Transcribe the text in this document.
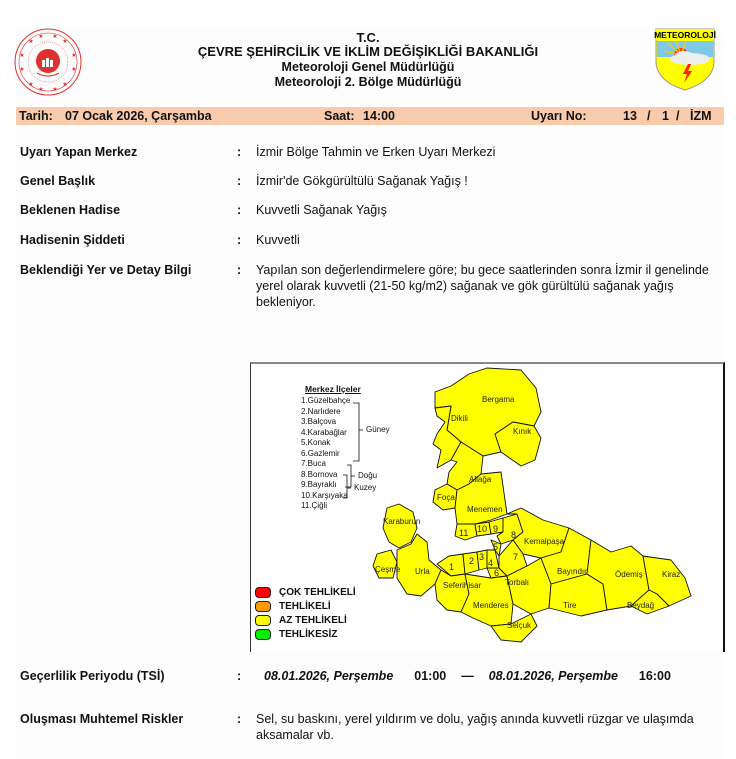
★
★ ★
★
★	★
★	★
★
★ ★
★
METEOROLOJİ
T.C.
ÇEVRE ŞEHİRCİLİK VE İKLİM DEĞİŞİKLİĞİ BAKANLIĞI
Meteoroloji Genel Müdürlüğü
Meteoroloji 2. Bölge Müdürlüğü
Tarih: 07 Ocak 2026, Çarşamba	Saat: 14:00	Uyarı No:	13 / 1 / İZM
Uyarı Yapan Merkez	: İzmir Bölge Tahmin ve Erken Uyarı Merkezi
Genel Başlık	: İzmir'de Gökgürültülü Sağanak Yağış !
Beklenen Hadise	: Kuvvetli Sağanak Yağış
Hadisenin Şiddeti	: Kuvvetli
Beklendiği Yer ve Detay Bilgi	: Yapılan son değerlendirmelere göre; bu gece saatlerinden sonra İzmir il genelinde yerel olarak kuvvetli (21-50 kg/m2) sağanak ve gök gürültülü sağanak yağış bekleniyor.
Bergama
Dikili
Kınık
Aliağa
Foça
Menemen
Karaburun
Çeşme Urla
Seferihisar
Menderes
Torbalı
Selçuk
Kemalpaşa
Bayındır
Tire
Ödemiş Kiraz
Beydağ
1
2 3
4
5
6
7
8
9
10
11
Merkez İlçeler
1.Güzelbahçe
2.Narlıdere
3.Balçova
4.Karabağlar
5.Konak
6.Gazlemir
7.Buca
8.Bornova
9.Bayraklı
10.Karşıyaka
11.Çiğli
Güney
Doğu
Kuzey
ÇOK TEHLİKELİ
TEHLİKELİ
AZ TEHLİKELİ
TEHLİKESİZ
Geçerlilik Periyodu (TSİ)	: 08.01.2026, Perşembe 01:00 — 08.01.2026, Perşembe 16:00
Oluşması Muhtemel Riskler	: Sel, su baskını, yerel yıldırım ve dolu, yağış anında kuvvetli rüzgar ve ulaşımda aksamalar vb.
